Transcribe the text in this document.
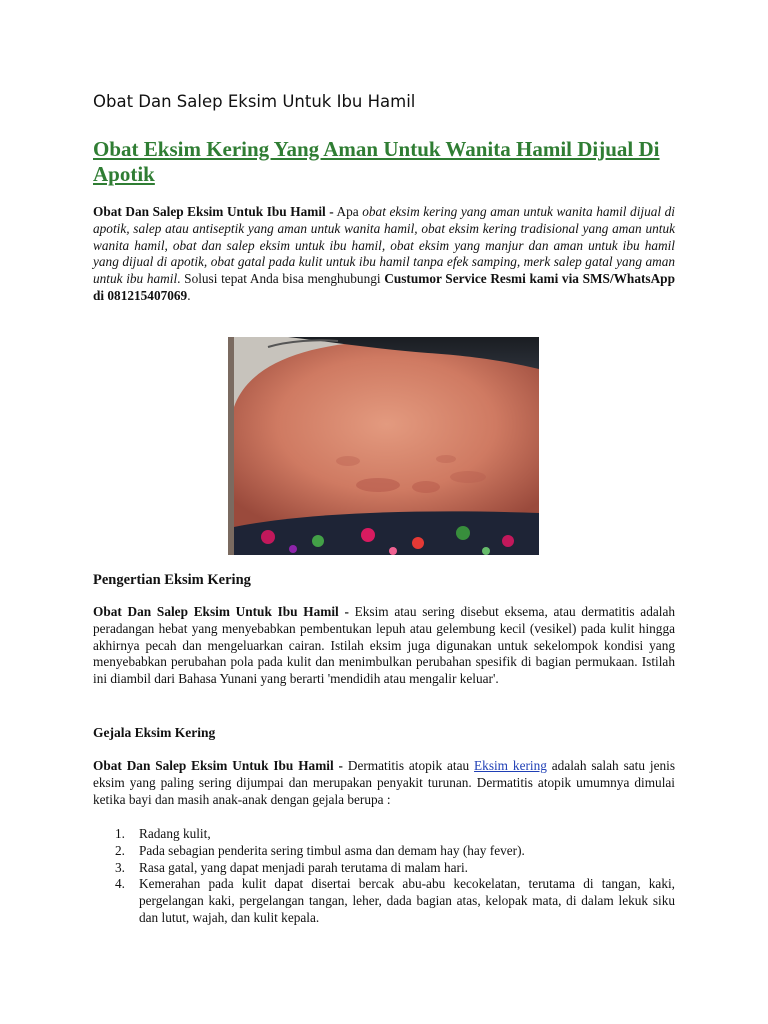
Obat Dan Salep Eksim Untuk Ibu Hamil
Obat Eksim Kering Yang Aman Untuk Wanita Hamil Dijual Di Apotik
Obat Dan Salep Eksim Untuk Ibu Hamil - Apa obat eksim kering yang aman untuk wanita hamil dijual di apotik, salep atau antiseptik yang aman untuk wanita hamil, obat eksim kering tradisional yang aman untuk wanita hamil, obat dan salep eksim untuk ibu hamil, obat eksim yang manjur dan aman untuk ibu hamil yang dijual di apotik, obat gatal pada kulit untuk ibu hamil tanpa efek samping, merk salep gatal yang aman untuk ibu hamil. Solusi tepat Anda bisa menghubungi Custumor Service Resmi kami via SMS/WhatsApp di 081215407069.
Pengertian Eksim Kering
Obat Dan Salep Eksim Untuk Ibu Hamil - Eksim atau sering disebut eksema, atau dermatitis adalah peradangan hebat yang menyebabkan pembentukan lepuh atau gelembung kecil (vesikel) pada kulit hingga akhirnya pecah dan mengeluarkan cairan. Istilah eksim juga digunakan untuk sekelompok kondisi yang menyebabkan perubahan pola pada kulit dan menimbulkan perubahan spesifik di bagian permukaan. Istilah ini diambil dari Bahasa Yunani yang berarti 'mendidih atau mengalir keluar'.
Gejala Eksim Kering
Obat Dan Salep Eksim Untuk Ibu Hamil - Dermatitis atopik atau Eksim kering adalah salah satu jenis eksim yang paling sering dijumpai dan merupakan penyakit turunan. Dermatitis atopik umumnya dimulai ketika bayi dan masih anak-anak dengan gejala berupa :
1. Radang kulit,
2. Pada sebagian penderita sering timbul asma dan demam hay (hay fever).
3. Rasa gatal, yang dapat menjadi parah terutama di malam hari.
4. Kemerahan pada kulit dapat disertai bercak abu-abu kecokelatan, terutama di tangan, kaki, pergelangan kaki, pergelangan tangan, leher, dada bagian atas, kelopak mata, di dalam lekuk siku dan lutut, wajah, dan kulit kepala.
